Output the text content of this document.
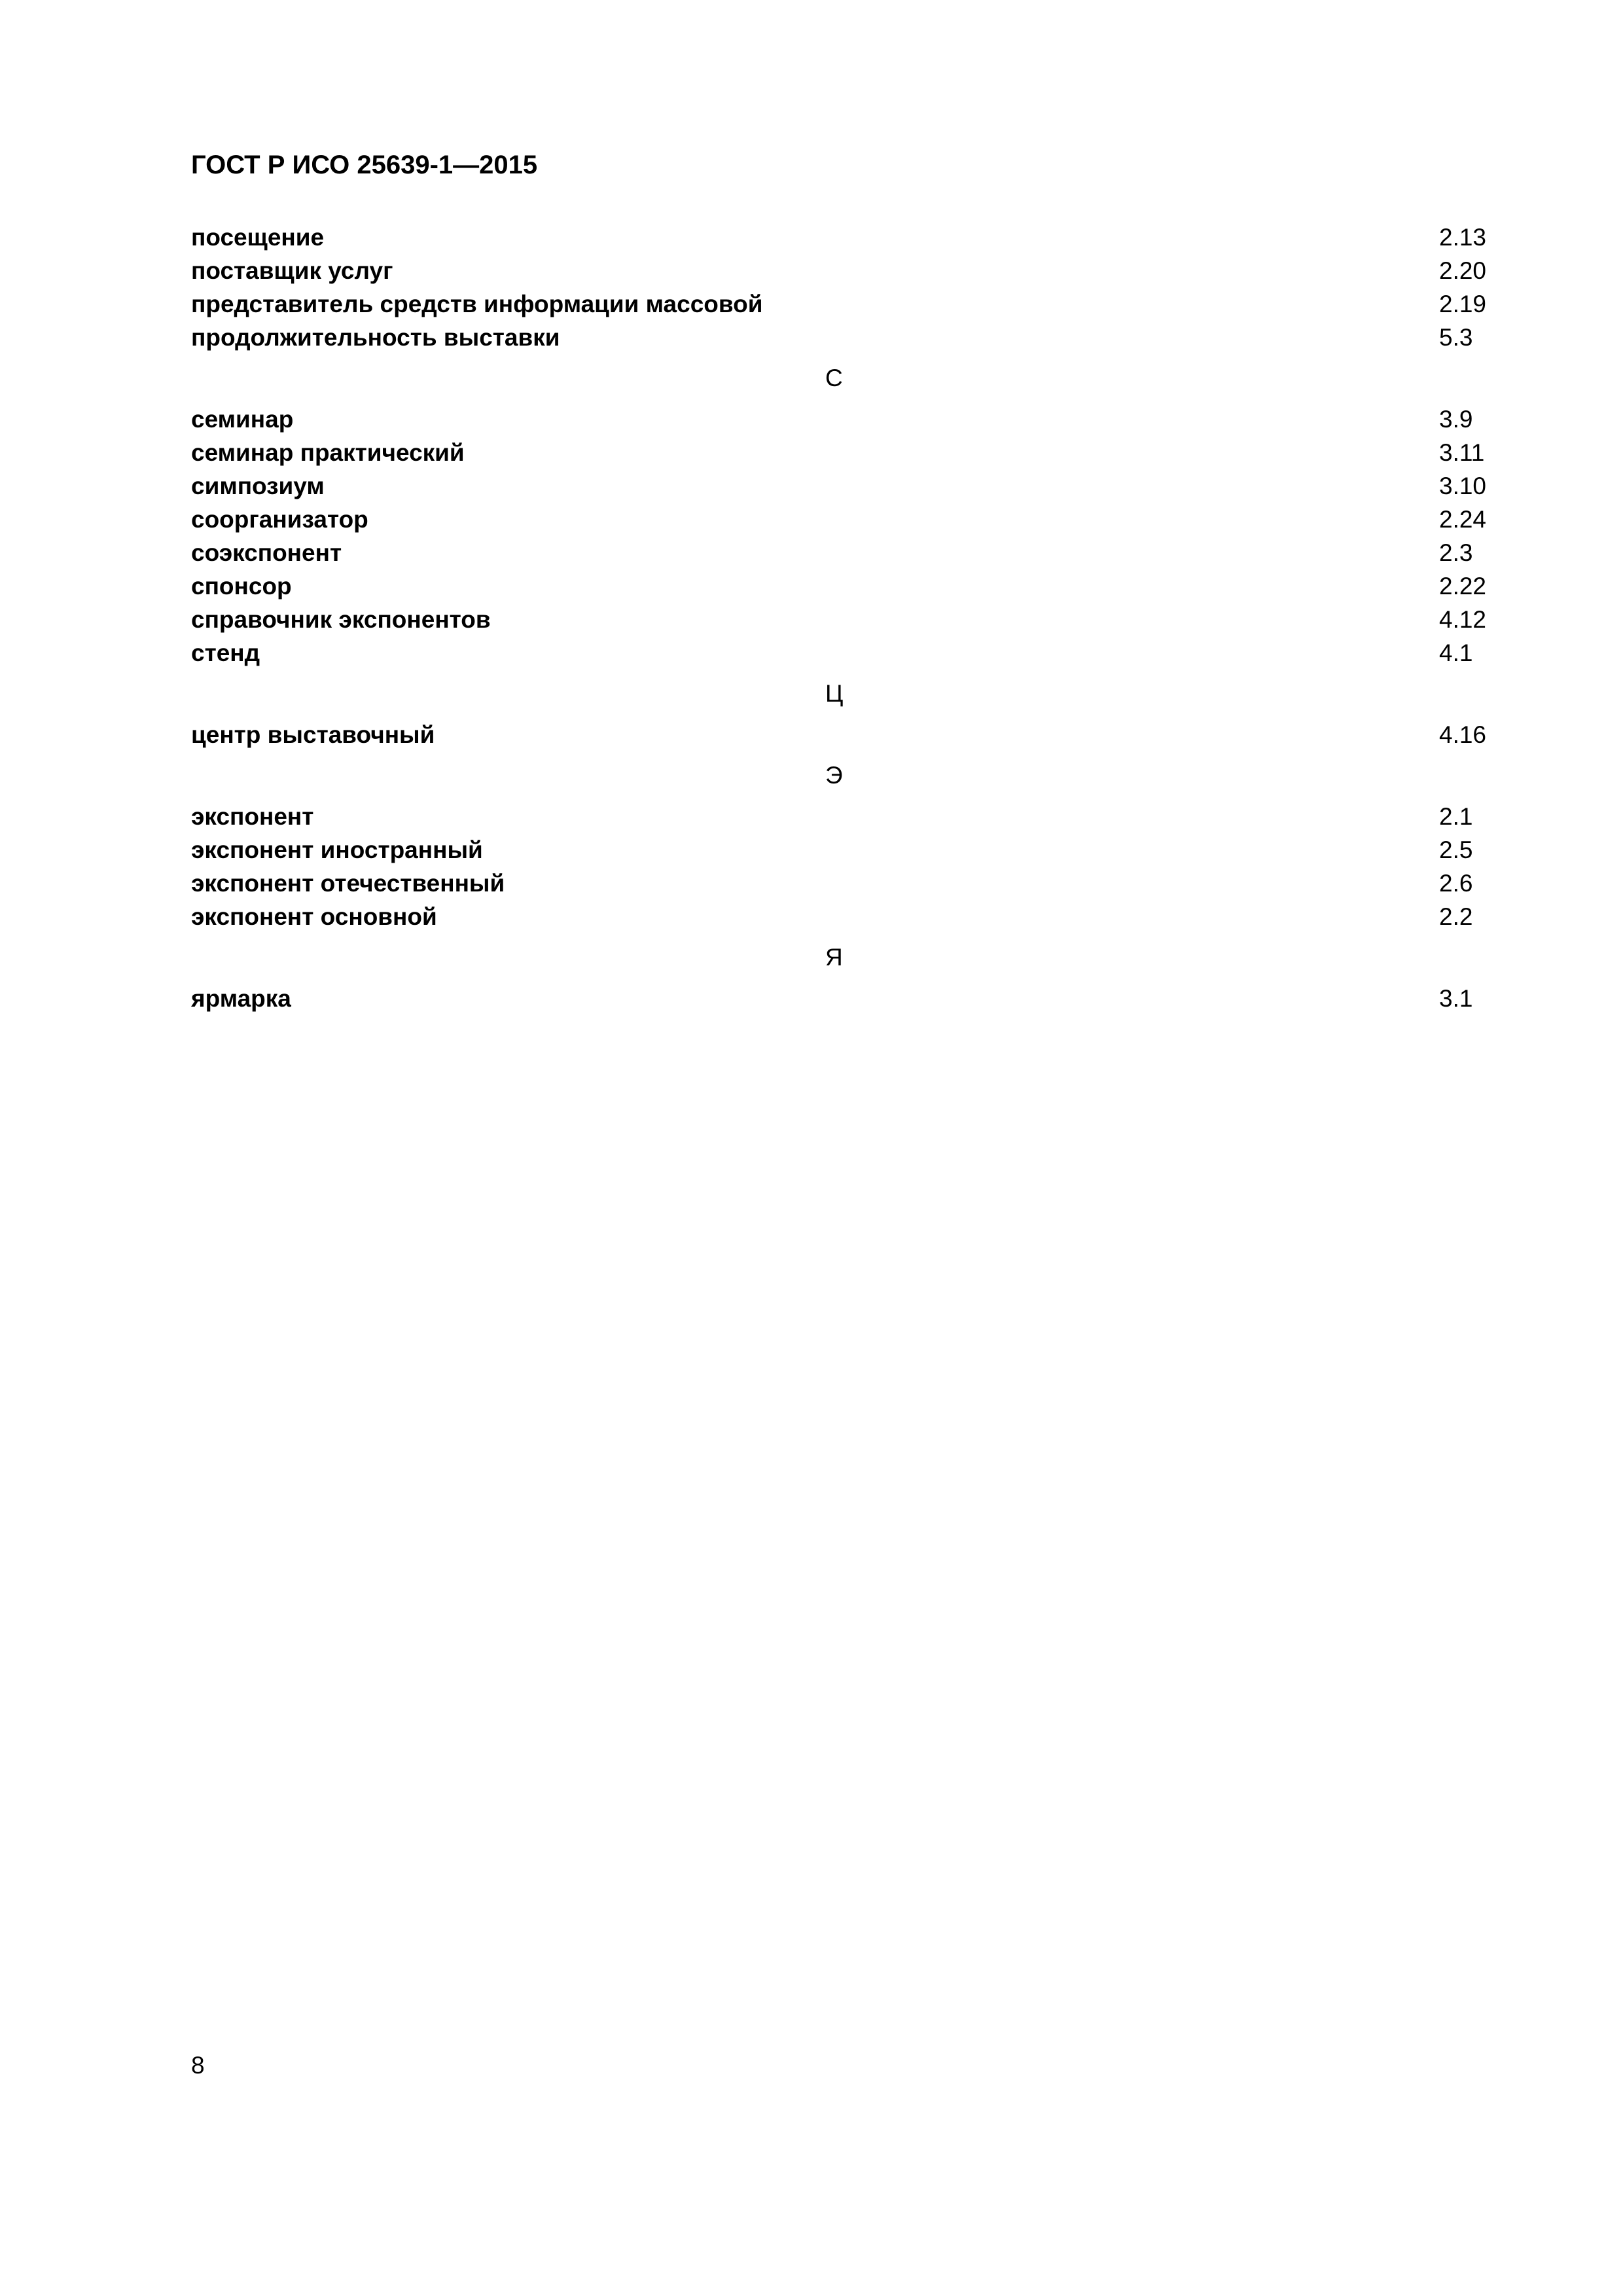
ГОСТ Р ИСО 25639-1—2015
посещение	2.13
поставщик услуг	2.20
представитель средств информации массовой	2.19
продолжительность выставки	5.3
С
семинар	3.9
семинар практический	3.11
симпозиум	3.10
соорганизатор	2.24
соэкспонент	2.3
спонсор	2.22
справочник экспонентов	4.12
стенд	4.1
Ц
центр выставочный	4.16
Э
экспонент	2.1
экспонент иностранный	2.5
экспонент отечественный	2.6
экспонент основной	2.2
Я
ярмарка	3.1
8
